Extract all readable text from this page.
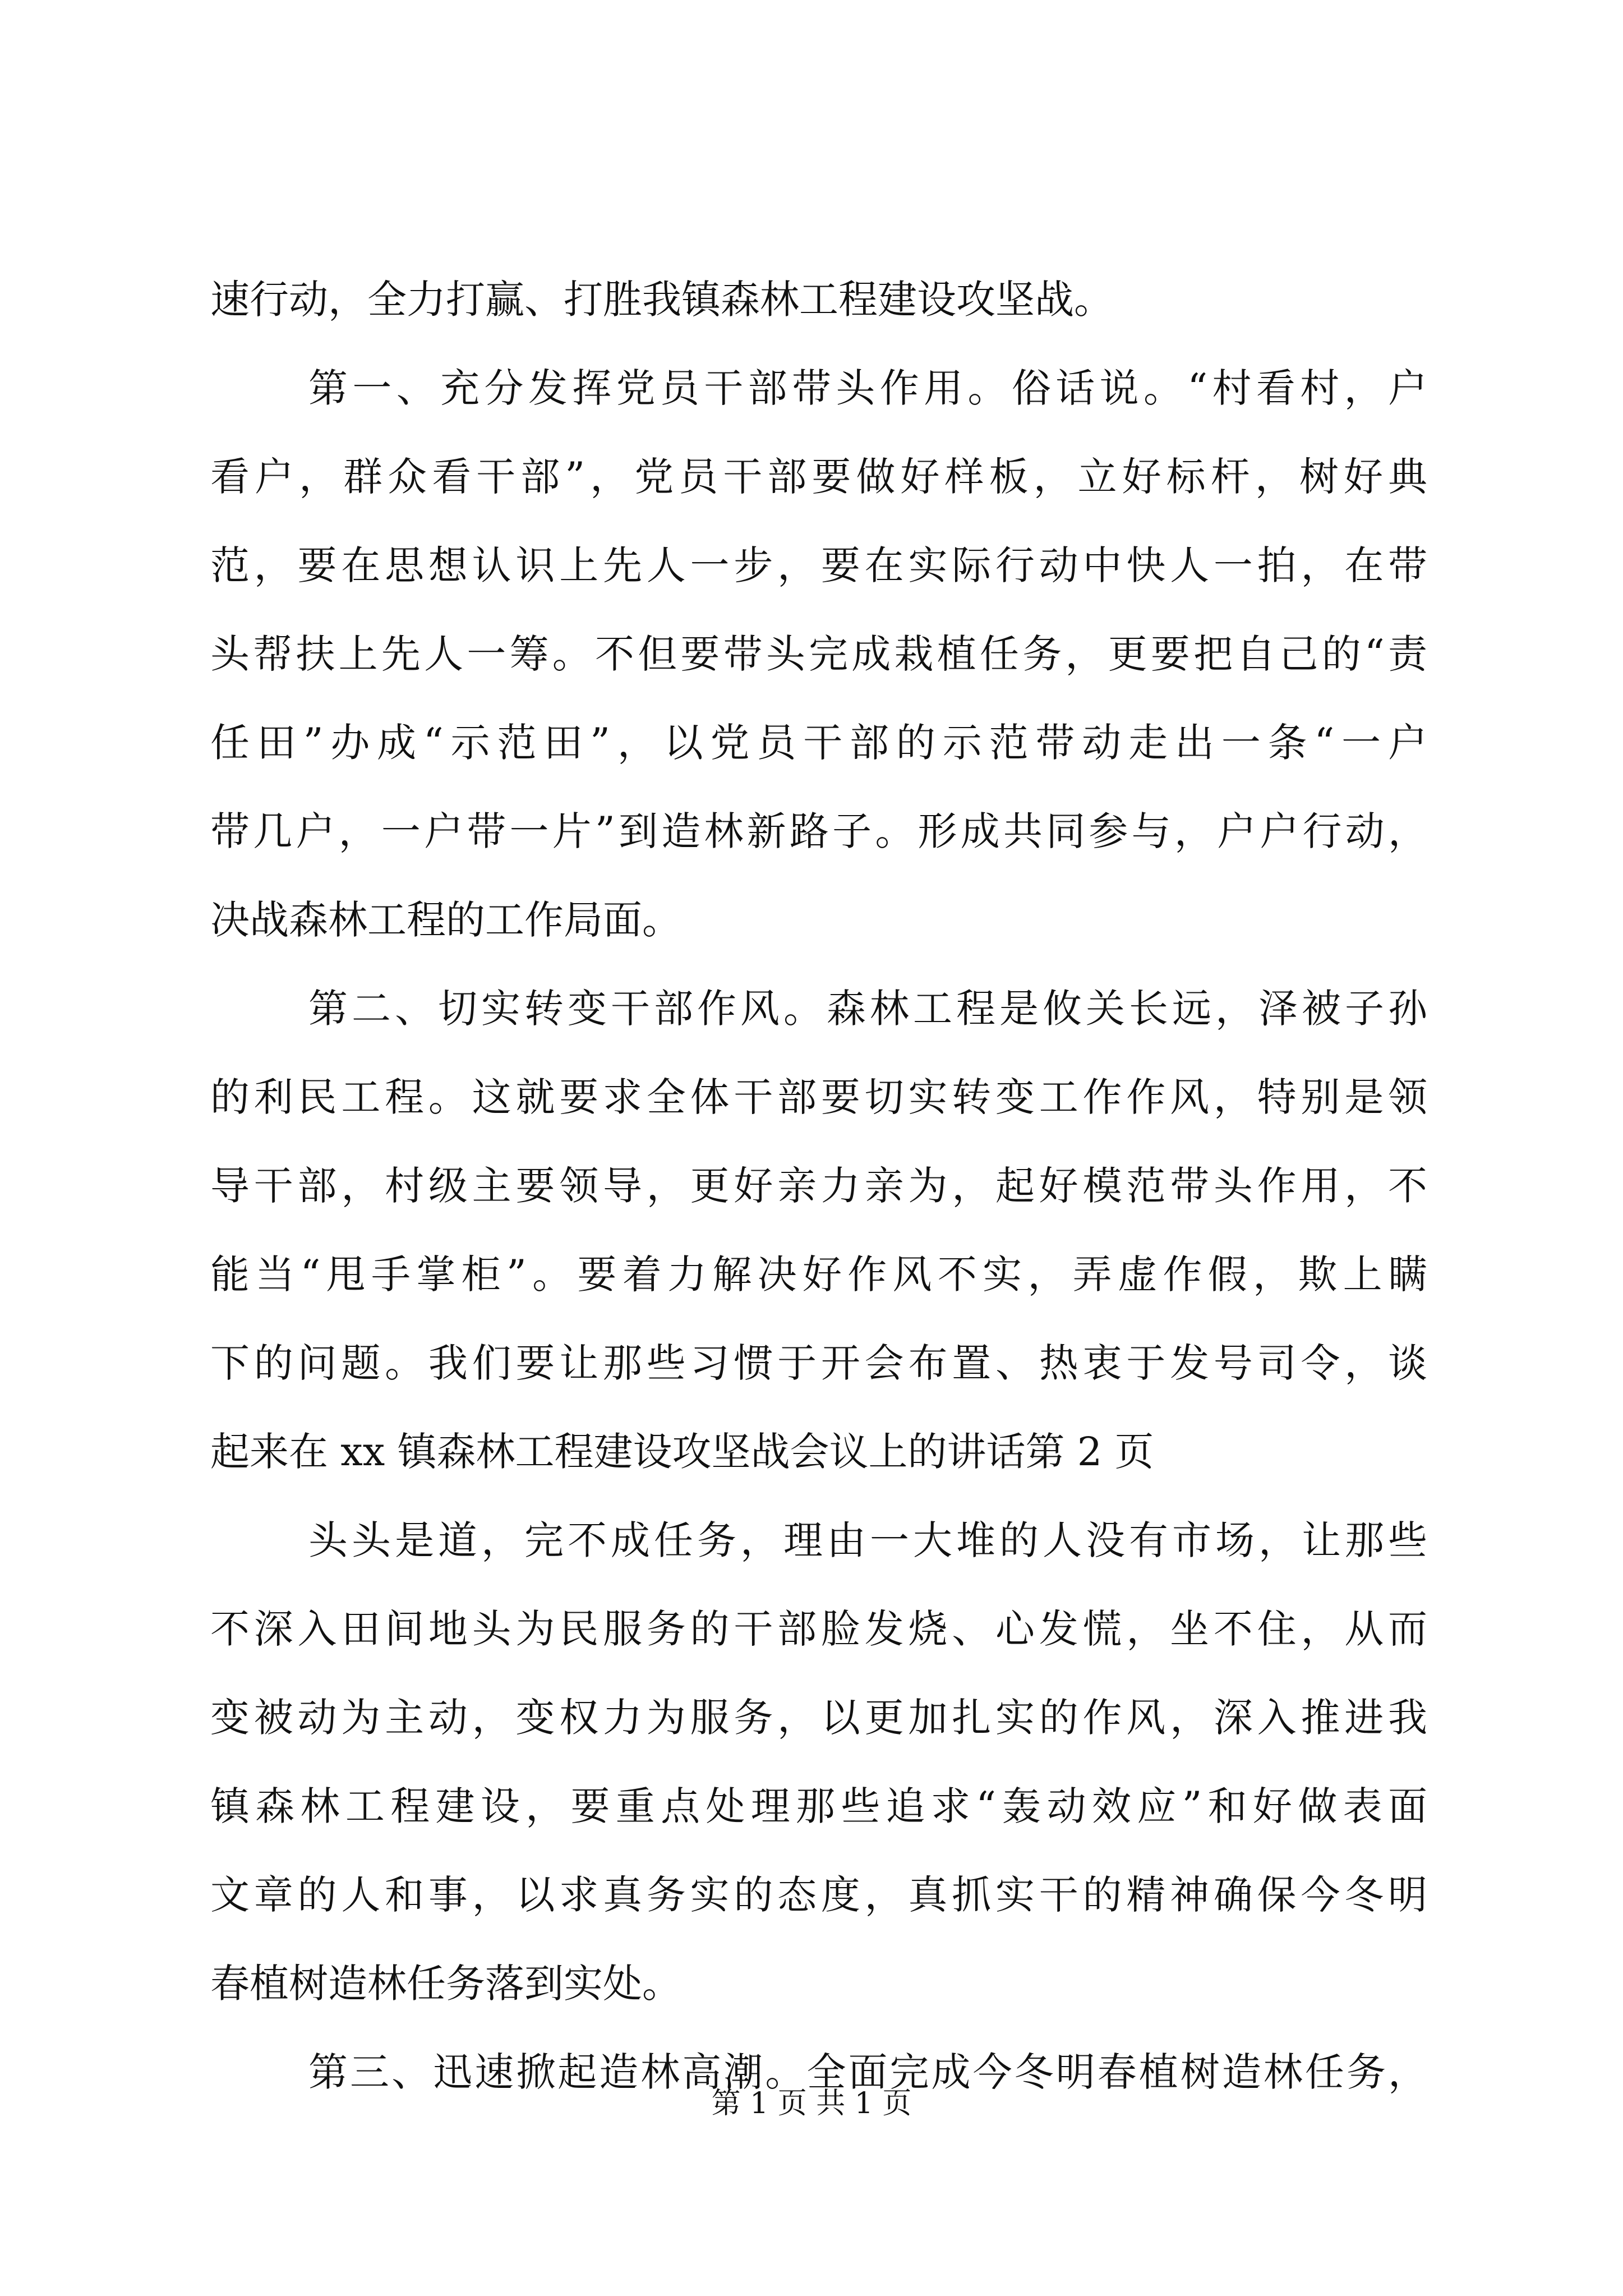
速行动，全力打赢、打胜我镇森林工程建设攻坚战。
第一、充分发挥党员干部带头作用。俗话说。“村看村，户
看户，群众看干部”，党员干部要做好样板，立好标杆，树好典
范，要在思想认识上先人一步，要在实际行动中快人一拍，在带
头帮扶上先人一筹。不但要带头完成栽植任务，更要把自己的“责
任田”办成“示范田”，以党员干部的示范带动走出一条“一户
带几户，一户带一片”到造林新路子。形成共同参与，户户行动，
决战森林工程的工作局面。
第二、切实转变干部作风。森林工程是攸关长远，泽被子孙
的利民工程。这就要求全体干部要切实转变工作作风，特别是领
导干部，村级主要领导，更好亲力亲为，起好模范带头作用，不
能当“甩手掌柜”。要着力解决好作风不实，弄虚作假，欺上瞒
下的问题。我们要让那些习惯于开会布置、热衷于发号司令，谈
起来在 xx 镇森林工程建设攻坚战会议上的讲话第 2 页
头头是道，完不成任务，理由一大堆的人没有市场，让那些
不深入田间地头为民服务的干部脸发烧、心发慌，坐不住，从而
变被动为主动，变权力为服务，以更加扎实的作风，深入推进我
镇森林工程建设，要重点处理那些追求“轰动效应”和好做表面
文章的人和事，以求真务实的态度，真抓实干的精神确保今冬明
春植树造林任务落到实处。
第三、迅速掀起造林高潮。全面完成今冬明春植树造林任务，
第 1 页 共 1 页
